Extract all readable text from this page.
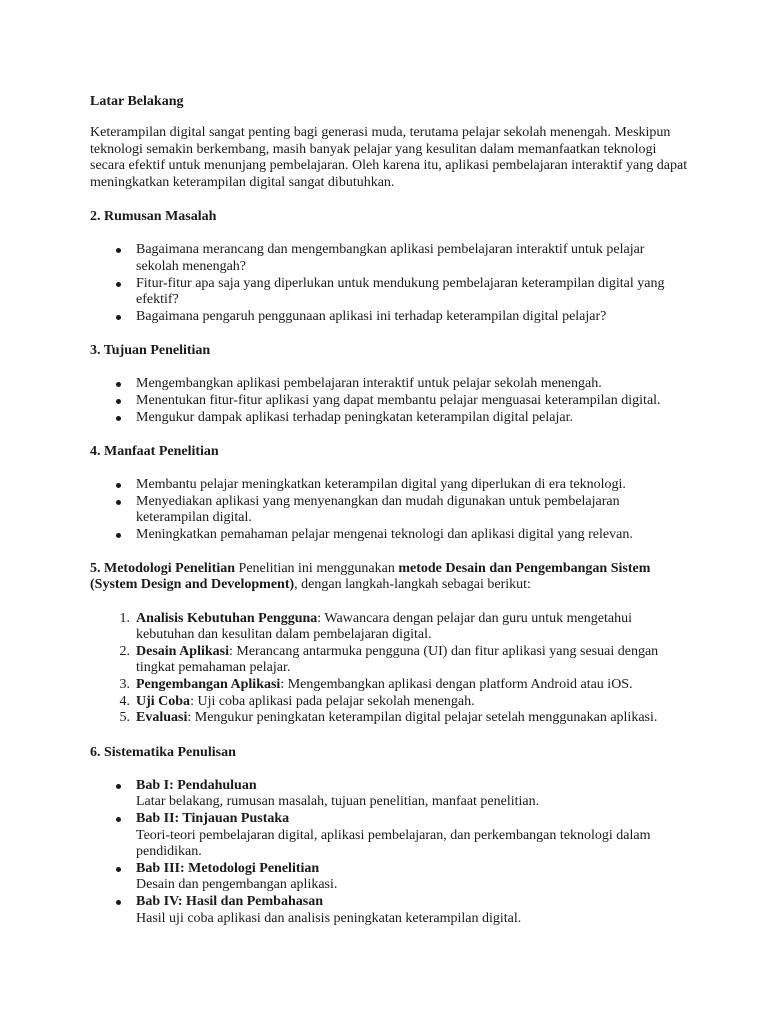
Latar Belakang

Keterampilan digital sangat penting bagi generasi muda, terutama pelajar sekolah menengah. Meskipun teknologi semakin berkembang, masih banyak pelajar yang kesulitan dalam memanfaatkan teknologi secara efektif untuk menunjang pembelajaran. Oleh karena itu, aplikasi pembelajaran interaktif yang dapat meningkatkan keterampilan digital sangat dibutuhkan.

2. Rumusan Masalah
Bagaimana merancang dan mengembangkan aplikasi pembelajaran interaktif untuk pelajar sekolah menengah?
Fitur-fitur apa saja yang diperlukan untuk mendukung pembelajaran keterampilan digital yang efektif?
Bagaimana pengaruh penggunaan aplikasi ini terhadap keterampilan digital pelajar?
3. Tujuan Penelitian
Mengembangkan aplikasi pembelajaran interaktif untuk pelajar sekolah menengah.
Menentukan fitur-fitur aplikasi yang dapat membantu pelajar menguasai keterampilan digital.
Mengukur dampak aplikasi terhadap peningkatan keterampilan digital pelajar.
4. Manfaat Penelitian
Membantu pelajar meningkatkan keterampilan digital yang diperlukan di era teknologi.
Menyediakan aplikasi yang menyenangkan dan mudah digunakan untuk pembelajaran keterampilan digital.
Meningkatkan pemahaman pelajar mengenai teknologi dan aplikasi digital yang relevan.

5. Metodologi Penelitian Penelitian ini menggunakan metode Desain dan Pengembangan Sistem (System Design and Development), dengan langkah-langkah sebagai berikut:

1. Analisis Kebutuhan Pengguna: Wawancara dengan pelajar dan guru untuk mengetahui kebutuhan dan kesulitan dalam pembelajaran digital.
2. Desain Aplikasi: Merancang antarmuka pengguna (UI) dan fitur aplikasi yang sesuai dengan tingkat pemahaman pelajar.
3. Pengembangan Aplikasi: Mengembangkan aplikasi dengan platform Android atau iOS.
4. Uji Coba: Uji coba aplikasi pada pelajar sekolah menengah.
5. Evaluasi: Mengukur peningkatan keterampilan digital pelajar setelah menggunakan aplikasi.
6. Sistematika Penulisan
Bab I: Pendahuluan
Latar belakang, rumusan masalah, tujuan penelitian, manfaat penelitian.
Bab II: Tinjauan Pustaka
Teori-teori pembelajaran digital, aplikasi pembelajaran, dan perkembangan teknologi dalam pendidikan.
Bab III: Metodologi Penelitian
Desain dan pengembangan aplikasi.
Bab IV: Hasil dan Pembahasan
Hasil uji coba aplikasi dan analisis peningkatan keterampilan digital.
